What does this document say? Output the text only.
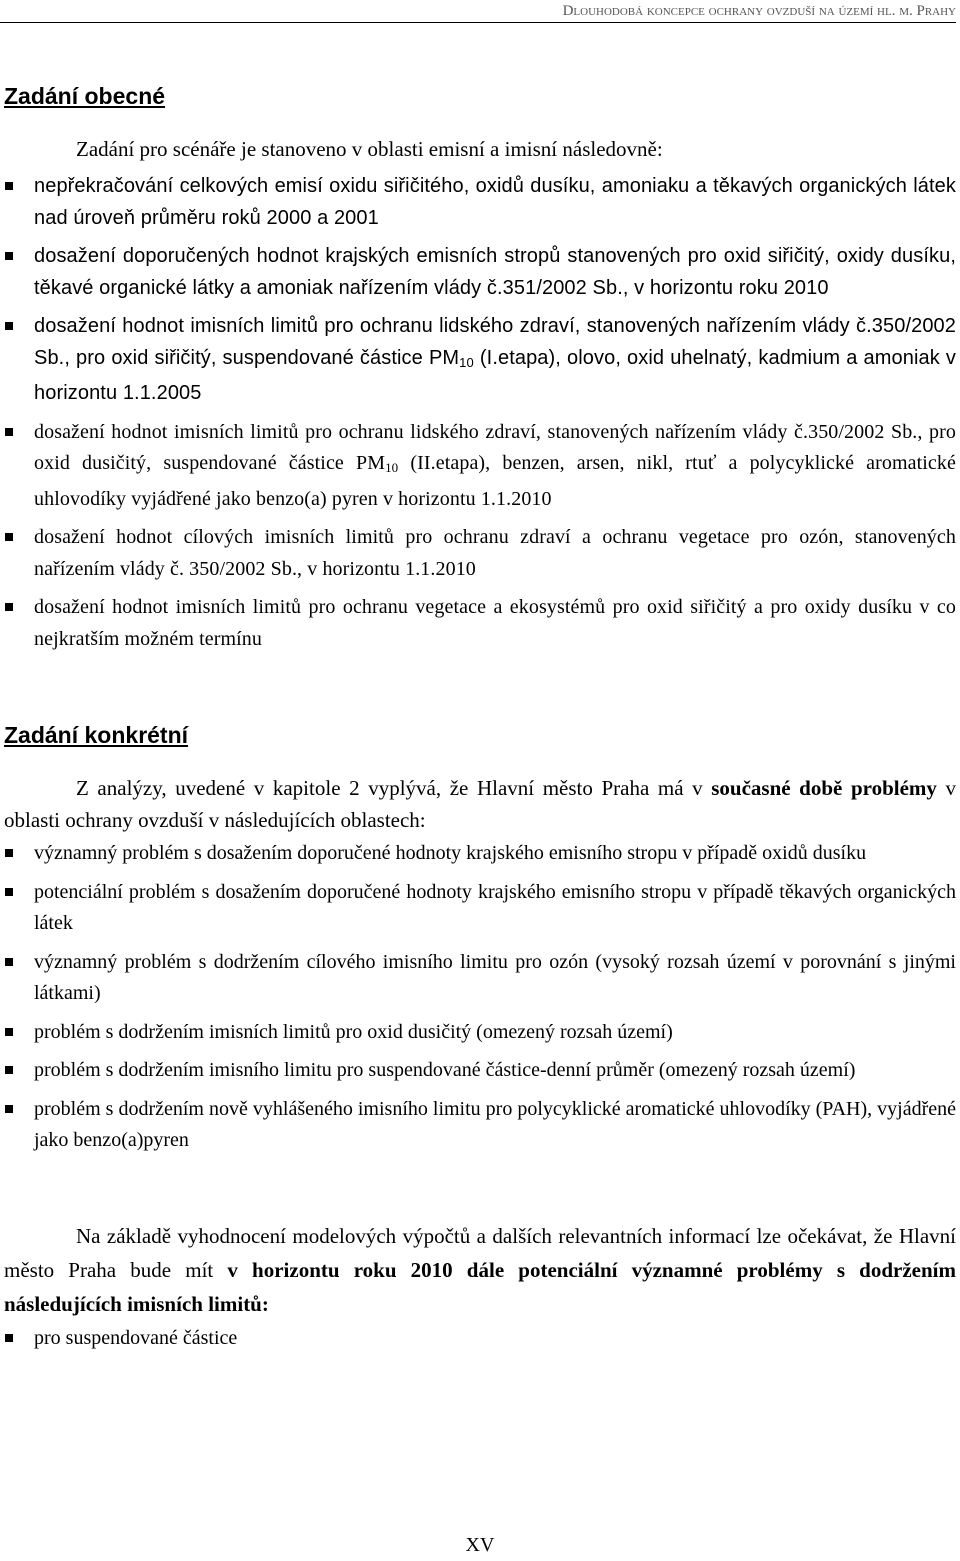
Dlouhodobá koncepce ochrany ovzduší na území hl. m. Prahy
Zadání obecné

Zadání pro scénáře je stanoveno v oblasti emisní a imisní následovně:

nepřekračování celkových emisí oxidu siřičitého, oxidů dusíku, amoniaku a těkavých organických látek nad úroveň průměru roků 2000 a 2001
dosažení doporučených hodnot krajských emisních stropů stanovených pro oxid siřičitý, oxidy dusíku, těkavé organické látky a amoniak nařízením vlády č.351/2002 Sb., v horizontu roku 2010
dosažení hodnot imisních limitů pro ochranu lidského zdraví, stanovených nařízením vlády č.350/2002 Sb., pro oxid siřičitý, suspendované částice $PM_{10}$ (I.etapa), olovo, oxid uhelnatý, kadmium a amoniak v horizontu 1.1.2005
dosažení hodnot imisních limitů pro ochranu lidského zdraví, stanovených nařízením vlády č.350/2002 Sb., pro oxid dusičitý, suspendované částice $PM_{10}$ (II.etapa), benzen, arsen, nikl, rtuť a polycyklické aromatické uhlovodíky vyjádřené jako benzo(a) pyren v horizontu 1.1.2010
dosažení hodnot cílových imisních limitů pro ochranu zdraví a ochranu vegetace pro ozón, stanovených nařízením vlády č. 350/2002 Sb., v horizontu 1.1.2010
dosažení hodnot imisních limitů pro ochranu vegetace a ekosystémů pro oxid siřičitý a pro oxidy dusíku v co nejkratším možném termínu
Zadání konkrétní

Z analýzy, uvedené v kapitole 2 vyplývá, že Hlavní město Praha má v současné době problémy v oblasti ochrany ovzduší v následujících oblastech:

významný problém s dosažením doporučené hodnoty krajského emisního stropu v případě oxidů dusíku
potenciální problém s dosažením doporučené hodnoty krajského emisního stropu v případě těkavých organických látek
významný problém s dodržením cílového imisního limitu pro ozón (vysoký rozsah území v porovnání s jinými látkami)
problém s dodržením imisních limitů pro oxid dusičitý (omezený rozsah území)
problém s dodržením imisního limitu pro suspendované částice-denní průměr (omezený rozsah území)
problém s dodržením nově vyhlášeného imisního limitu pro polycyklické aromatické uhlovodíky (PAH), vyjádřené jako benzo(a)pyren

Na základě vyhodnocení modelových výpočtů a dalších relevantních informací lze očekávat, že Hlavní město Praha bude mít v horizontu roku 2010 dále potenciální významné problémy s dodržením následujících imisních limitů:

pro suspendované částice
XV
